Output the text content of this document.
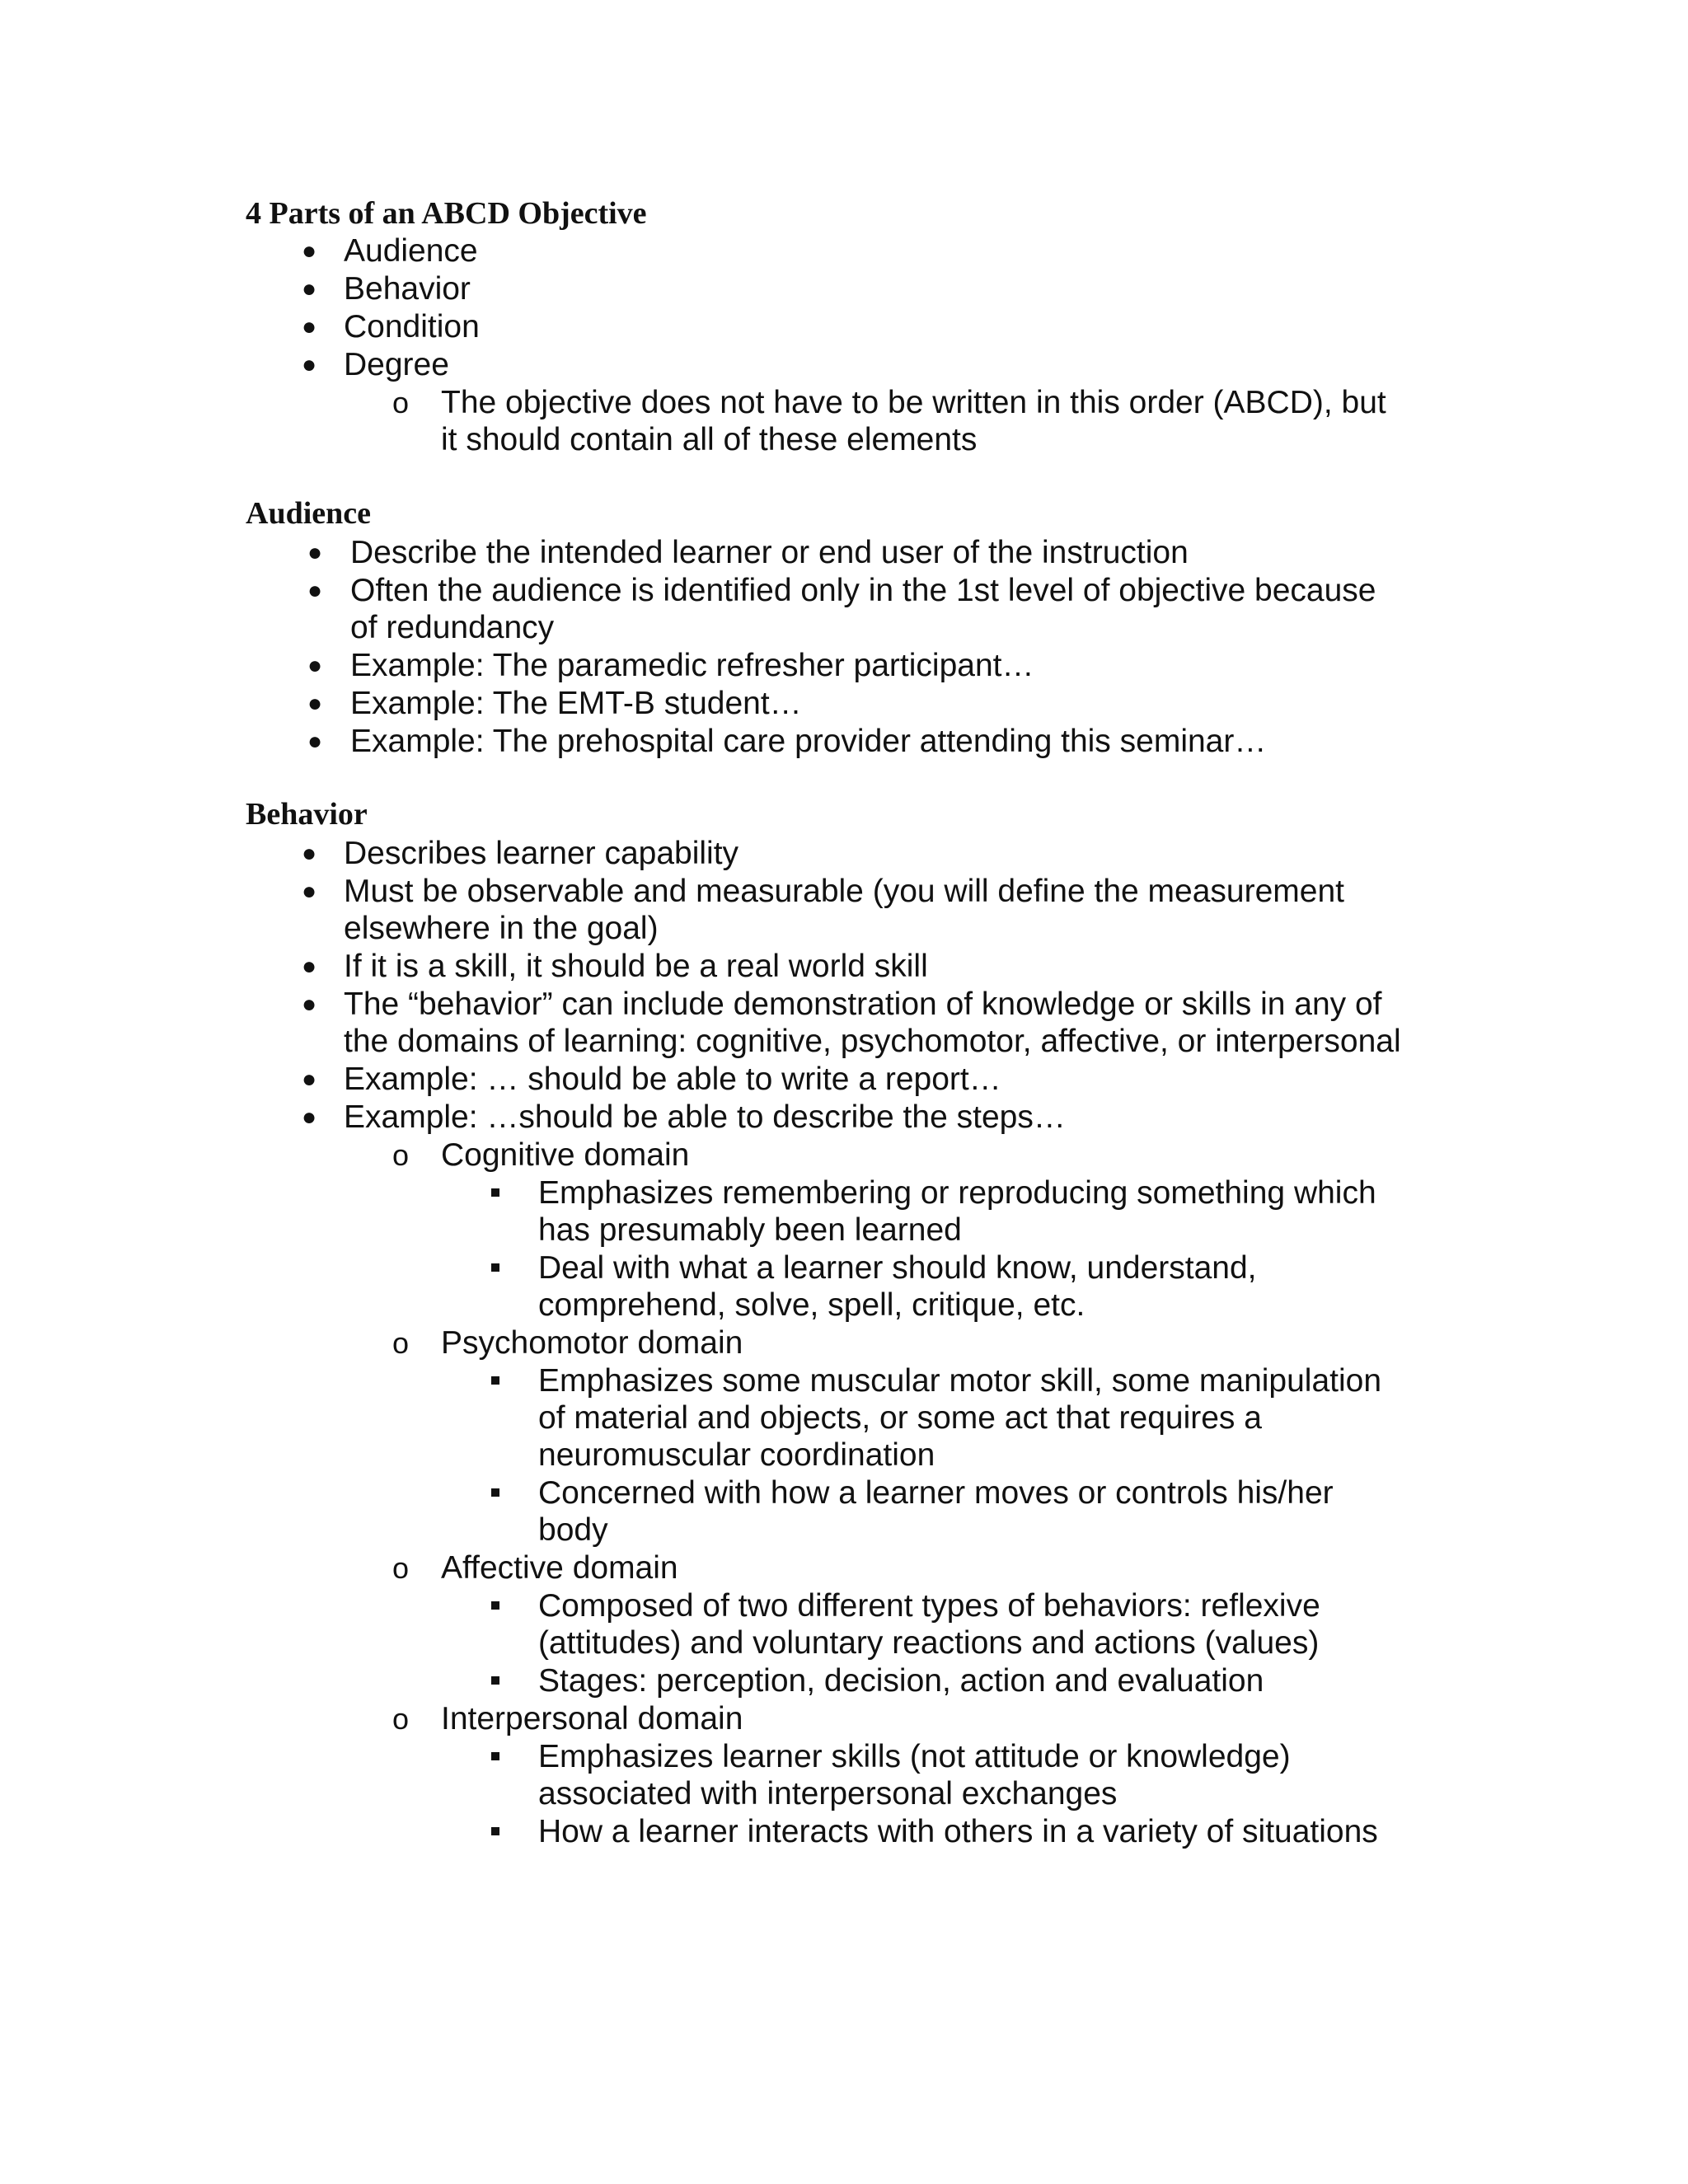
4 Parts of an ABCD Objective
● Audience
● Behavior
● Condition
● Degree
o The objective does not have to be written in this order (ABCD), but
it should contain all of these elements
Audience
● Describe the intended learner or end user of the instruction
● Often the audience is identified only in the 1st level of objective because
of redundancy
● Example: The paramedic refresher participant…
● Example: The EMT-B student…
● Example: The prehospital care provider attending this seminar…
Behavior
● Describes learner capability
● Must be observable and measurable (you will define the measurement
elsewhere in the goal)
● If it is a skill, it should be a real world skill
● The “behavior” can include demonstration of knowledge or skills in any of
the domains of learning: cognitive, psychomotor, affective, or interpersonal
● Example: … should be able to write a report…
● Example: …should be able to describe the steps…
o Cognitive domain
Emphasizes remembering or reproducing something which
has presumably been learned
Deal with what a learner should know, understand,
comprehend, solve, spell, critique, etc.
o Psychomotor domain
Emphasizes some muscular motor skill, some manipulation
of material and objects, or some act that requires a
neuromuscular coordination
Concerned with how a learner moves or controls his/her
body
o Affective domain
Composed of two different types of behaviors: reflexive
(attitudes) and voluntary reactions and actions (values)
Stages: perception, decision, action and evaluation
o Interpersonal domain
Emphasizes learner skills (not attitude or knowledge)
associated with interpersonal exchanges
How a learner interacts with others in a variety of situations
